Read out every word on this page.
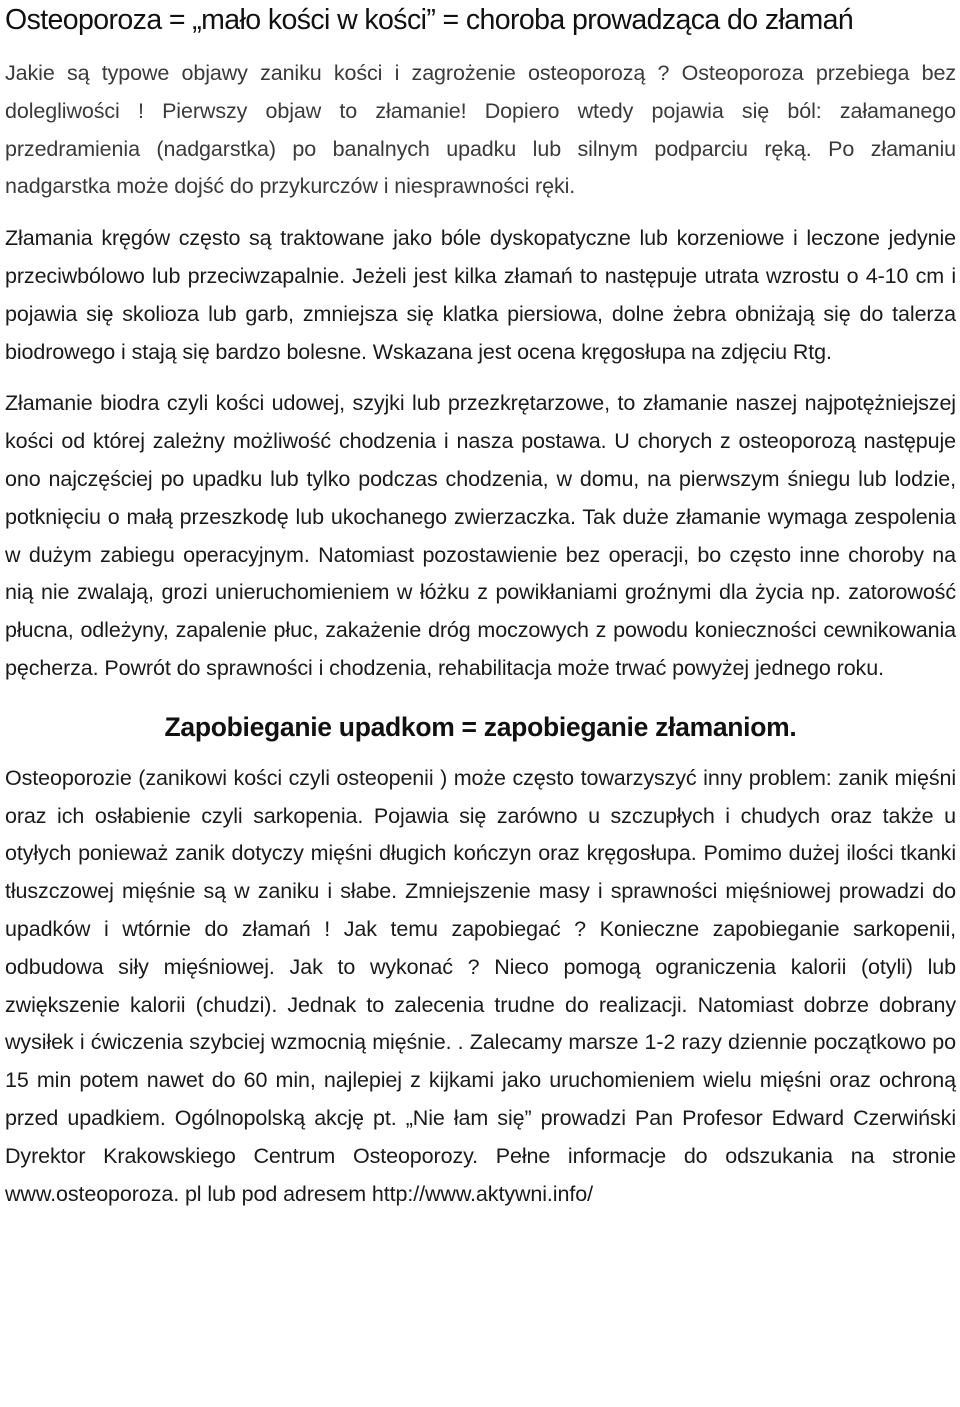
Osteoporoza = „mało kości w kości” = choroba prowadząca do złamań

Jakie są typowe objawy zaniku kości i zagrożenie osteoporozą ? Osteoporoza przebiega bez dolegliwości ! Pierwszy objaw to złamanie! Dopiero wtedy pojawia się ból: załamanego przedramienia (nadgarstka) po banalnych upadku lub silnym podparciu ręką. Po złamaniu nadgarstka może dojść do przykurczów i niesprawności ręki.

Złamania kręgów często są traktowane jako bóle dyskopatyczne lub korzeniowe i leczone jedynie przeciwbólowo lub przeciwzapalnie. Jeżeli jest kilka złamań to następuje utrata wzrostu o 4-10 cm i pojawia się skolioza lub garb, zmniejsza się klatka piersiowa, dolne żebra obniżają się do talerza biodrowego i stają się bardzo bolesne. Wskazana jest ocena kręgosłupa na zdjęciu Rtg.

Złamanie biodra czyli kości udowej, szyjki lub przezkrętarzowe, to złamanie naszej najpotężniejszej kości od której zależny możliwość chodzenia i nasza postawa. U chorych z osteoporozą następuje ono najczęściej po upadku lub tylko podczas chodzenia, w domu, na pierwszym śniegu lub lodzie, potknięciu o małą przeszkodę lub ukochanego zwierzaczka. Tak duże złamanie wymaga zespolenia w dużym zabiegu operacyjnym. Natomiast pozostawienie bez operacji, bo często inne choroby na nią nie zwalają, grozi unieruchomieniem w łóżku z powikłaniami groźnymi dla życia np. zatorowość płucna, odleżyny, zapalenie płuc, zakażenie dróg moczowych z powodu konieczności cewnikowania pęcherza. Powrót do sprawności i chodzenia, rehabilitacja może trwać powyżej jednego roku.

Zapobieganie upadkom = zapobieganie złamaniom.

Osteoporozie (zanikowi kości czyli osteopenii ) może często towarzyszyć inny problem: zanik mięśni oraz ich osłabienie czyli sarkopenia. Pojawia się zarówno u szczupłych i chudych oraz także u otyłych ponieważ zanik dotyczy mięśni długich kończyn oraz kręgosłupa. Pomimo dużej ilości tkanki tłuszczowej mięśnie są w zaniku i słabe. Zmniejszenie masy i sprawności mięśniowej prowadzi do upadków i wtórnie do złamań ! Jak temu zapobiegać ? Konieczne zapobieganie sarkopenii, odbudowa siły mięśniowej. Jak to wykonać ? Nieco pomogą ograniczenia kalorii (otyli) lub zwiększenie kalorii (chudzi). Jednak to zalecenia trudne do realizacji. Natomiast dobrze dobrany wysiłek i ćwiczenia szybciej wzmocnią mięśnie. . Zalecamy marsze 1-2 razy dziennie początkowo po 15 min potem nawet do 60 min, najlepiej z kijkami jako uruchomieniem wielu mięśni oraz ochroną przed upadkiem. Ogólnopolską akcję pt. „Nie łam się” prowadzi Pan Profesor Edward Czerwiński Dyrektor Krakowskiego Centrum Osteoporozy. Pełne informacje do odszukania na stronie www.osteoporoza. pl lub pod adresem http://www.aktywni.info/
